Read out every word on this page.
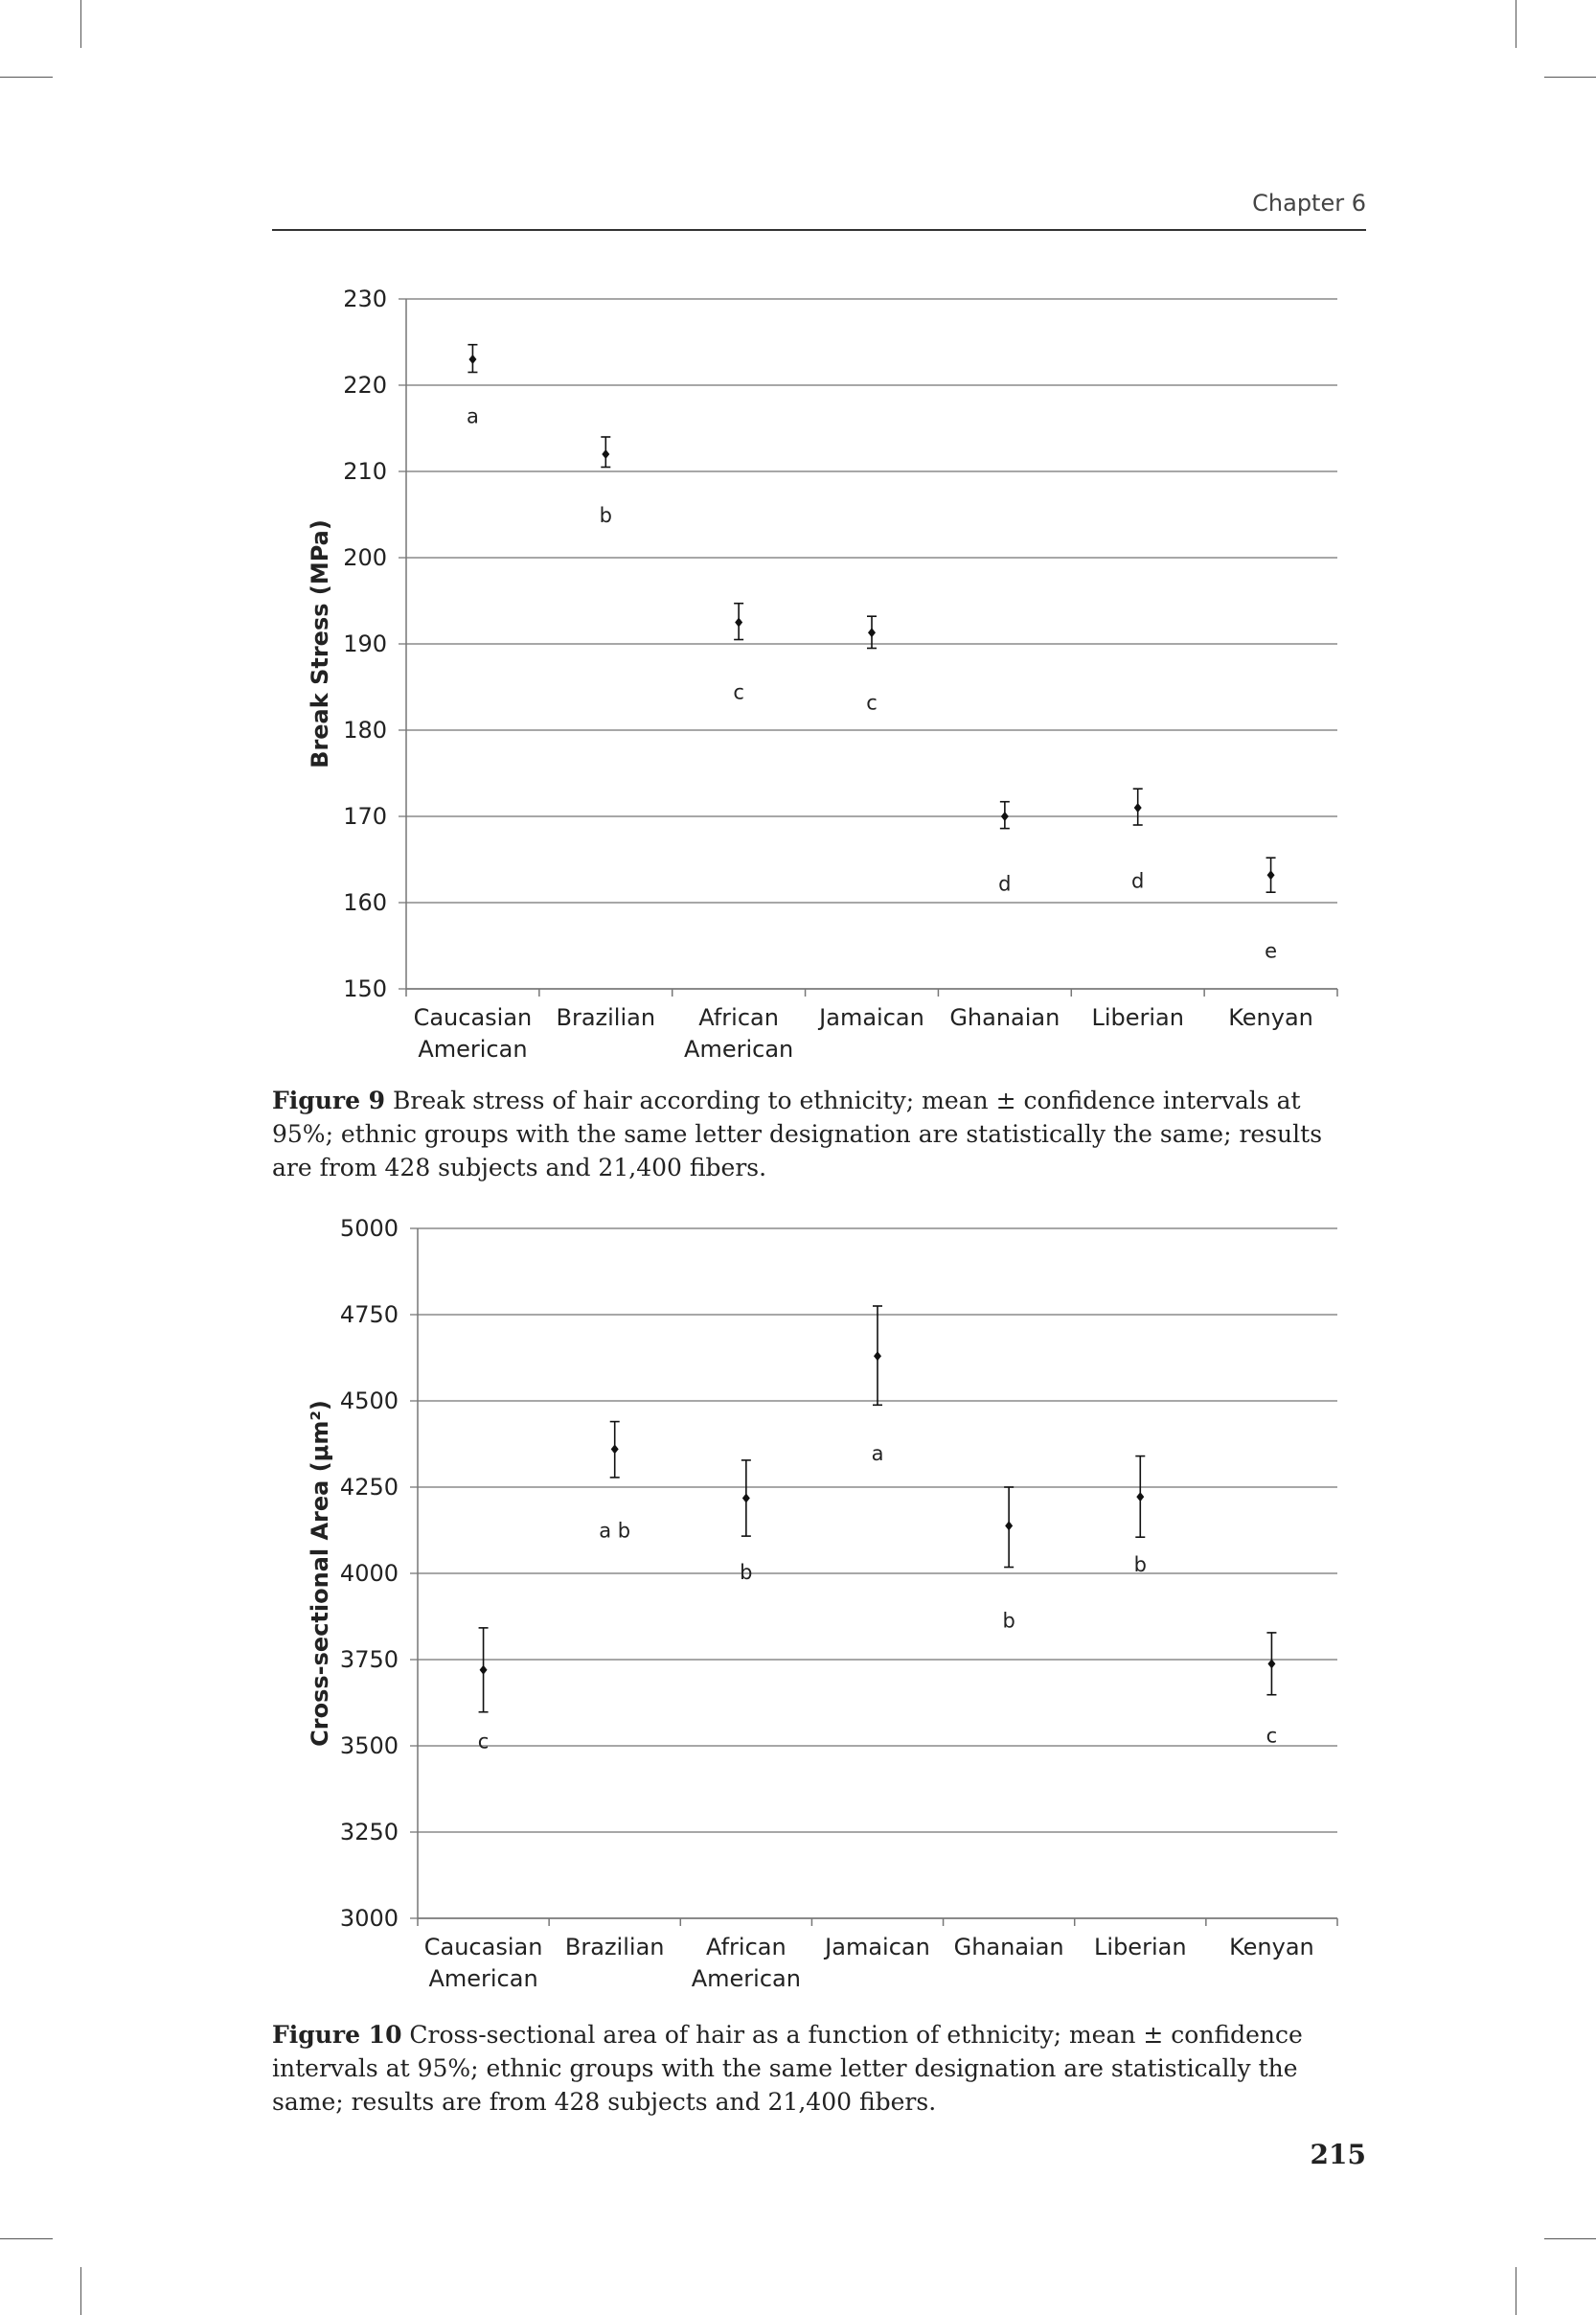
Chapter 6
150
160
170
180
190
200
210
220
230
Break Stress (MPa)
Caucasian
American
Brazilian African
American
Jamaican Ghanaian Liberian Kenyan
a
b
c	c
d	d
e
Figure 9 Break stress of hair according to ethnicity; mean ± confidence intervals at 95%; ethnic groups with the same letter designation are statistically the same; results are from 428 subjects and 21,400 fibers.
3000
3250
3500
3750
4000
4250
4500
4750
5000
Cross-sectional Area (μm²)
Caucasian
American
Brazilian African
American
Jamaican Ghanaian Liberian Kenyan
c
a b
b
a
b
b
c
Figure 10 Cross-sectional area of hair as a function of ethnicity; mean ± confidence intervals at 95%; ethnic groups with the same letter designation are statistically the same; results are from 428 subjects and 21,400 fibers.
215
